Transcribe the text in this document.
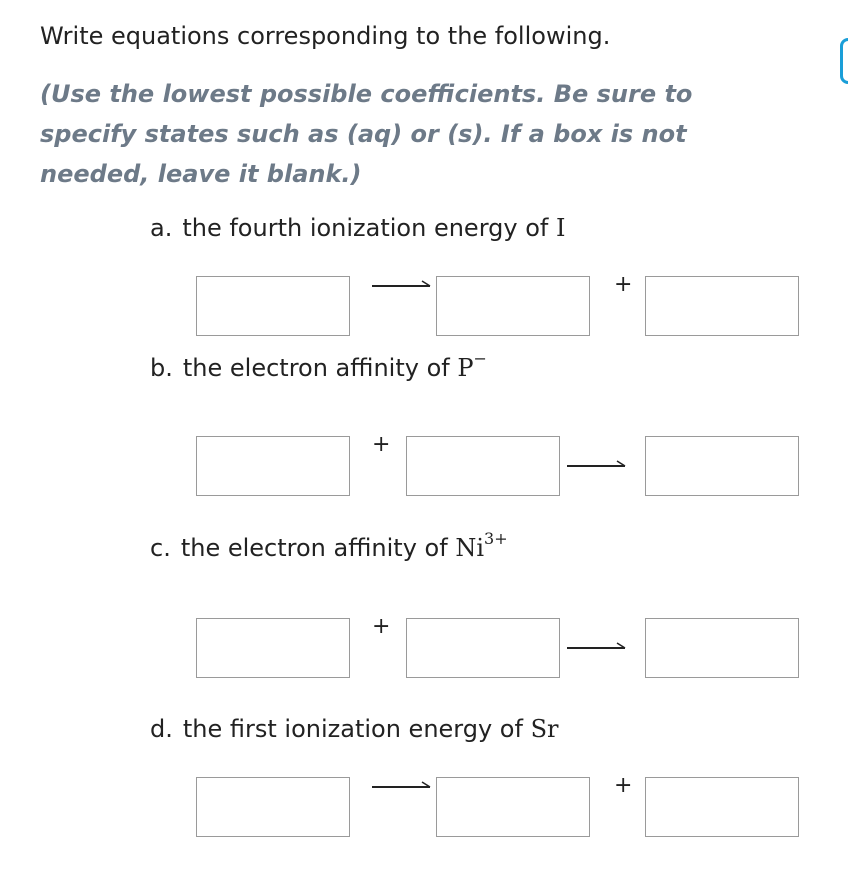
Write equations corresponding to the following.
(Use the lowest possible coefficients. Be sure to specify states such as (aq) or (s). If a box is not needed, leave it blank.)
a. the fourth ionization energy of I
+
b. the electron affinity of P−
+
c. the electron affinity of $Ni^{3+}$
+
d. the first ionization energy of Sr
+
